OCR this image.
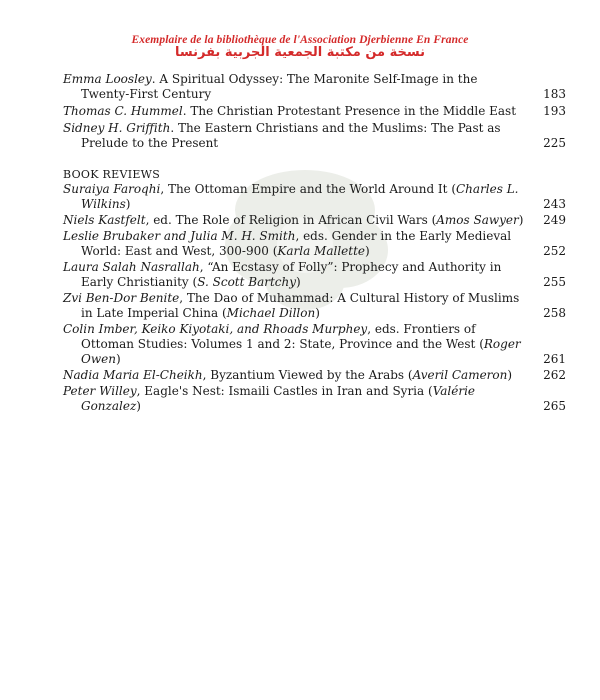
Exemplaire de la bibliothèque de l'Association Djerbienne En France
نسخة من مكتبة الجمعية الجربية بفرنسا
Emma Loosley. A Spiritual Odyssey: The Maronite Self-Image in the Twenty-First Century	183
Thomas C. Hummel. The Christian Protestant Presence in the Middle East	193
Sidney H. Griffith. The Eastern Christians and the Muslims: The Past as Prelude to the Present	225
BOOK REVIEWS
Suraiya Faroqhi, The Ottoman Empire and the World Around It (Charles L. Wilkins)	243
Niels Kastfelt, ed. The Role of Religion in African Civil Wars (Amos Sawyer) 249
Leslie Brubaker and Julia M. H. Smith, eds. Gender in the Early Medieval World: East and West, 300-900 (Karla Mallette)	252
Laura Salah Nasrallah, “An Ecstasy of Folly”: Prophecy and Authority in Early Christianity (S. Scott Bartchy)	255
Zvi Ben-Dor Benite, The Dao of Muhammad: A Cultural History of Muslims in Late Imperial China (Michael Dillon)	258
Colin Imber, Keiko Kiyotaki, and Rhoads Murphey, eds. Frontiers of Ottoman Studies: Volumes 1 and 2: State, Province and the West (Roger Owen)	261
Nadia Maria El-Cheikh, Byzantium Viewed by the Arabs (Averil Cameron)	262
Peter Willey, Eagle's Nest: Ismaili Castles in Iran and Syria (Valérie Gonzalez)	265
